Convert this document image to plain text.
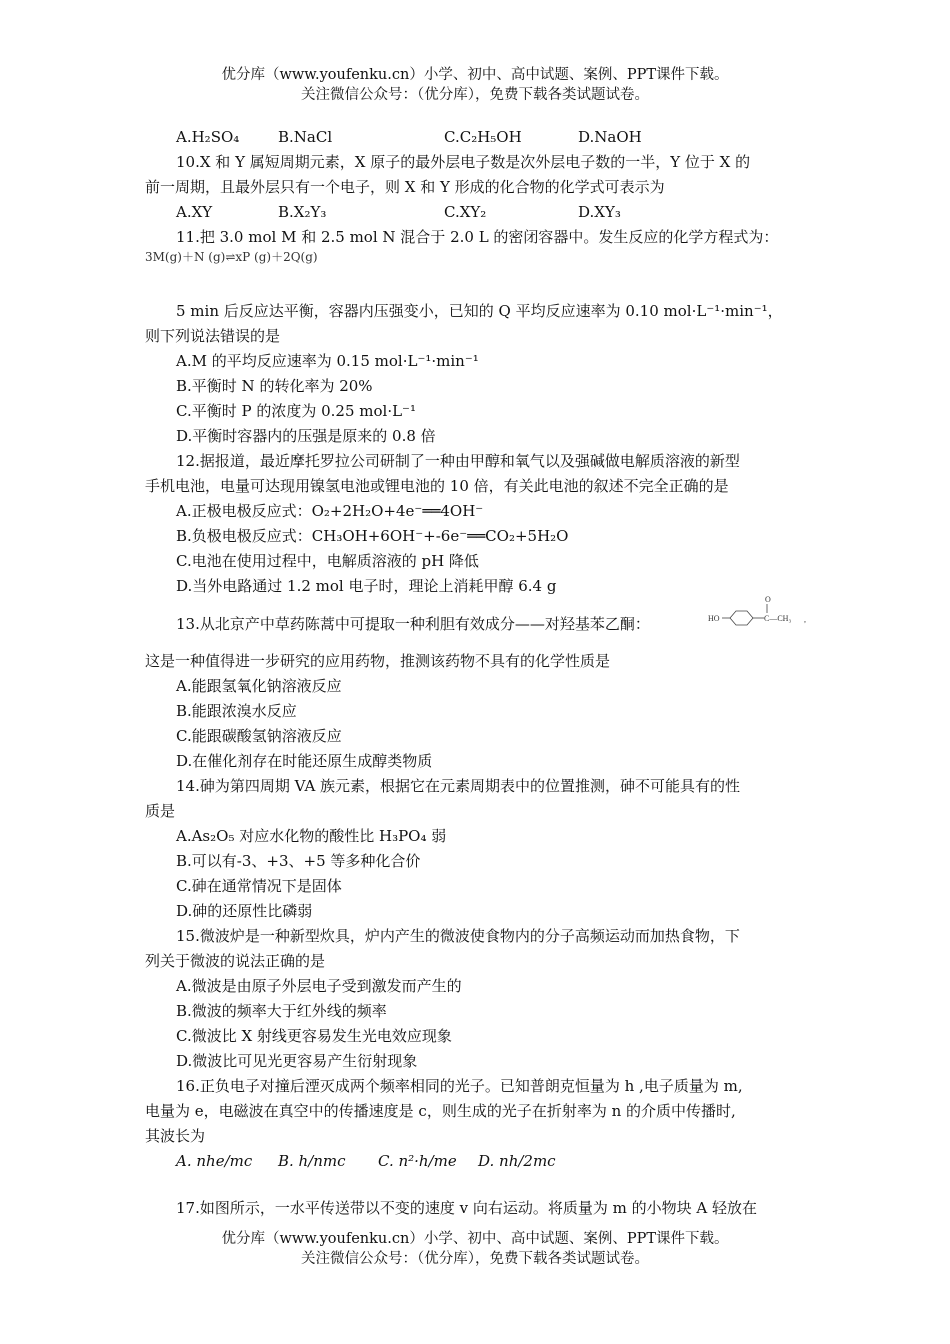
优分库（www.youfenku.cn）小学、初中、高中试题、案例、PPT课件下载。
关注微信公众号：（优分库），免费下载各类试题试卷。
A.H₂SO₄	B.NaCl	C.C₂H₅OH	D.NaOH
10.X 和 Y 属短周期元素，X 原子的最外层电子数是次外层电子数的一半，Y 位于 X 的
前一周期，且最外层只有一个电子，则 X 和 Y 形成的化合物的化学式可表示为
A.XY	B.X₂Y₃	C.XY₂	D.XY₃
11.把 3.0 mol M 和 2.5 mol N 混合于 2.0 L 的密闭容器中。发生反应的化学方程式为：
3M(g)＋N (g)⇌xP (g)＋2Q(g)
5 min 后反应达平衡，容器内压强变小，已知的 Q 平均反应速率为 0.10 mol·L⁻¹·min⁻¹，
则下列说法错误的是
A.M 的平均反应速率为 0.15 mol·L⁻¹·min⁻¹
B.平衡时 N 的转化率为 20%
C.平衡时 P 的浓度为 0.25 mol·L⁻¹
D.平衡时容器内的压强是原来的 0.8 倍
12.据报道，最近摩托罗拉公司研制了一种由甲醇和氧气以及强碱做电解质溶液的新型
手机电池，电量可达现用镍氢电池或锂电池的 10 倍，有关此电池的叙述不完全正确的是
A.正极电极反应式：O₂+2H₂O+4e⁻══4OH⁻
B.负极电极反应式：CH₃OH+6OH⁻+-6e⁻══CO₂+5H₂O
C.电池在使用过程中，电解质溶液的 pH 降低
D.当外电路通过 1.2 mol 电子时，理论上消耗甲醇 6.4 g
13.从北京产中草药陈蒿中可提取一种利胆有效成分——对羟基苯乙酮：	HO
O
C—CH₃ ,
这是一种值得进一步研究的应用药物，推测该药物不具有的化学性质是
A.能跟氢氧化钠溶液反应
B.能跟浓溴水反应
C.能跟碳酸氢钠溶液反应
D.在催化剂存在时能还原生成醇类物质
14.砷为第四周期 VA 族元素，根据它在元素周期表中的位置推测，砷不可能具有的性
质是
A.As₂O₅ 对应水化物的酸性比 H₃PO₄ 弱
B.可以有-3、+3、+5 等多种化合价
C.砷在通常情况下是固体
D.砷的还原性比磷弱
15.微波炉是一种新型炊具，炉内产生的微波使食物内的分子高频运动而加热食物，下
列关于微波的说法正确的是
A.微波是由原子外层电子受到激发而产生的
B.微波的频率大于红外线的频率
C.微波比 X 射线更容易发生光电效应现象
D.微波比可见光更容易产生衍射现象
16.正负电子对撞后湮灭成两个频率相同的光子。已知普朗克恒量为 h ,电子质量为 m,
电量为 e，电磁波在真空中的传播速度是 c，则生成的光子在折射率为 n 的介质中传播时,
其波长为
A. nhe/mc B. h/nmc C. n²·h/me D. nh/2mc
17.如图所示，一水平传送带以不变的速度 v 向右运动。将质量为 m 的小物块 A 轻放在
优分库（www.youfenku.cn）小学、初中、高中试题、案例、PPT课件下载。
关注微信公众号：（优分库），免费下载各类试题试卷。
